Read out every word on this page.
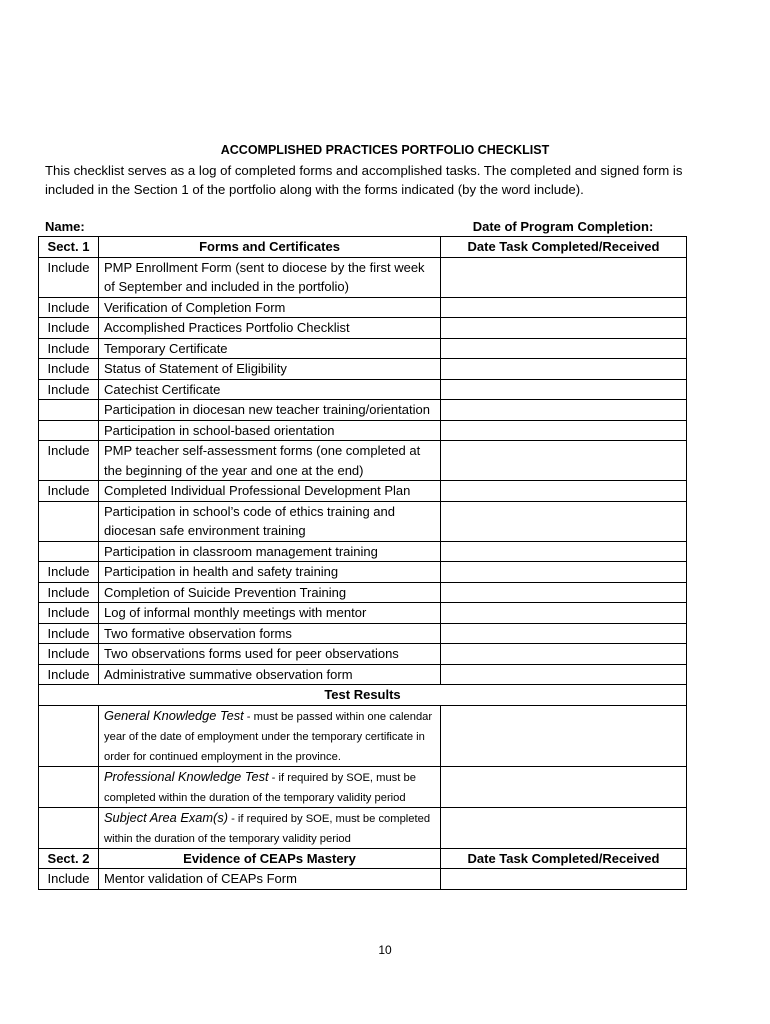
ACCOMPLISHED PRACTICES PORTFOLIO CHECKLIST
This checklist serves as a log of completed forms and accomplished tasks. The completed and signed form is included in the Section 1 of the portfolio along with the forms indicated (by the word include).
Name:	Date of Program Completion:
Sect. 1	Forms and Certificates	Date Task Completed/Received
Include	PMP Enrollment Form (sent to diocese by the first week of September and included in the portfolio)	
Include	Verification of Completion Form	
Include	Accomplished Practices Portfolio Checklist	
Include	Temporary Certificate	
Include	Status of Statement of Eligibility	
Include	Catechist Certificate	
	Participation in diocesan new teacher training/orientation	
	Participation in school-based orientation	
Include	PMP teacher self-assessment forms (one completed at the beginning of the year and one at the end)	
Include	Completed Individual Professional Development Plan	
	Participation in school’s code of ethics training and diocesan safe environment training	
	Participation in classroom management training	
Include	Participation in health and safety training	
Include	Completion of Suicide Prevention Training	
Include	Log of informal monthly meetings with mentor	
Include	Two formative observation forms	
Include	Two observations forms used for peer observations	
Include	Administrative summative observation form	
Test Results		
	General Knowledge Test - must be passed within one calendar year of the date of employment under the temporary certificate in order for continued employment in the province.	
	Professional Knowledge Test - if required by SOE, must be completed within the duration of the temporary validity period	
	Subject Area Exam(s) - if required by SOE, must be completed within the duration of the temporary validity period	
Sect. 2	Evidence of CEAPs Mastery	Date Task Completed/Received
Include	Mentor validation of CEAPs Form	
10
